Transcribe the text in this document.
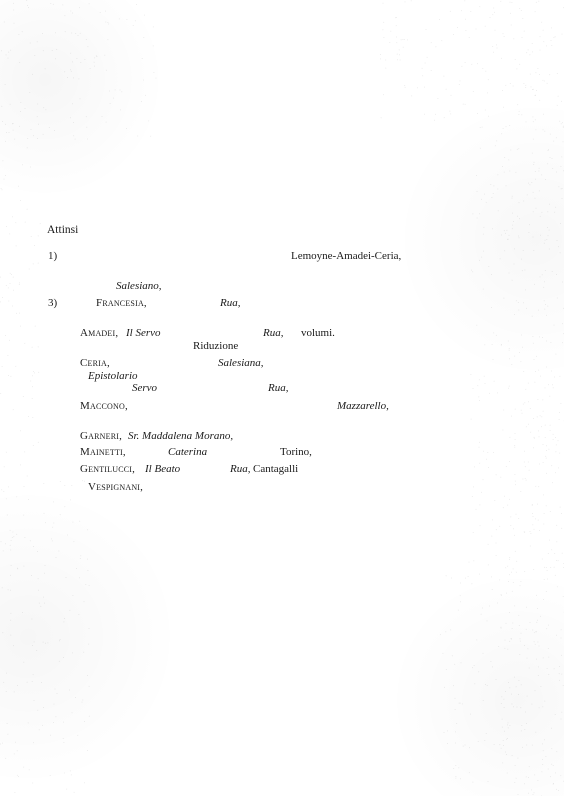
Attinsi
1)	Lemoyne-Amadei-Ceria,
Salesiano,
3)	Francesia,	Rua,
Amadei, Il Servo	Rua, volumi.
Riduzione
Ceria,	Salesiana,
Epistolario
Servo	Rua,
Maccono,	Mazzarello,
Garneri, Sr. Maddalena Morano,
Mainetti,	Caterina	Torino,
Gentilucci, Il Beato	Rua, Cantagalli
Vespignani,
